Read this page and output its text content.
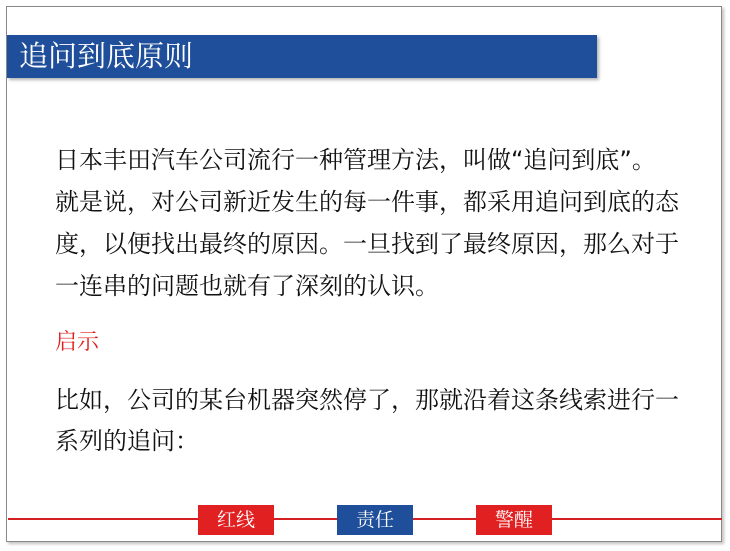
追问到底原则
日本丰田汽车公司流行一种管理方法，叫做“追问到底”。
就是说，对公司新近发生的每一件事，都采用追问到底的态
度，以便找出最终的原因。一旦找到了最终原因，那么对于
一连串的问题也就有了深刻的认识。
启示
比如，公司的某台机器突然停了，那就沿着这条线索进行一
系列的追问：
红线	责任	警醒
